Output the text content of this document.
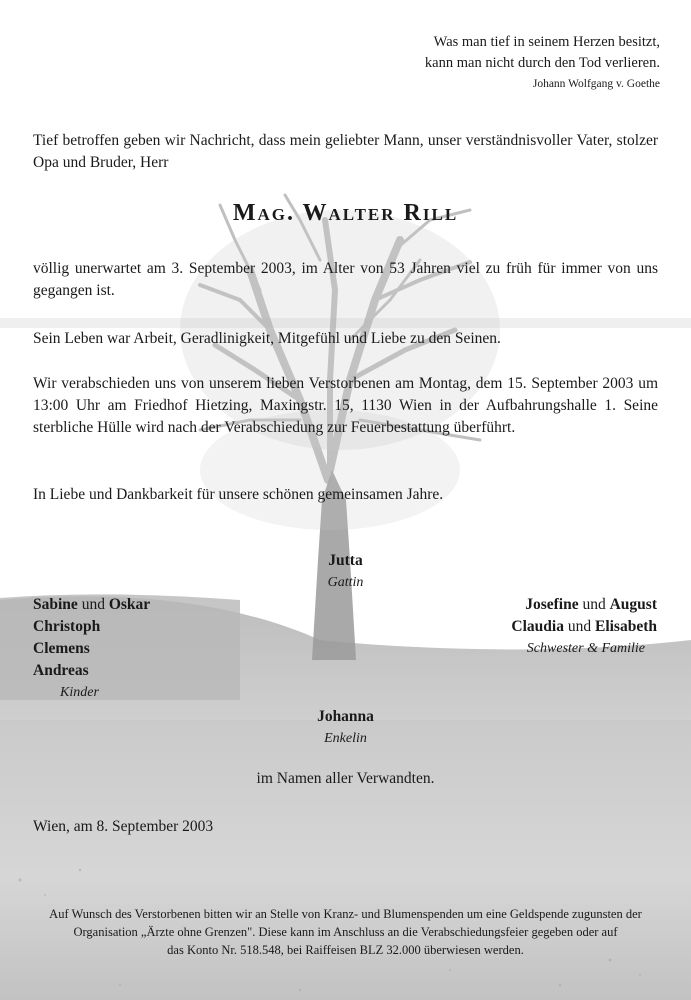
Was man tief in seinem Herzen besitzt,
kann man nicht durch den Tod verlieren.
Johann Wolfgang v. Goethe
Tief betroffen geben wir Nachricht, dass mein geliebter Mann, unser verständnisvoller Vater, stolzer Opa und Bruder, Herr
Mag. Walter Rill
völlig unerwartet am 3. September 2003, im Alter von 53 Jahren viel zu früh für immer von uns gegangen ist.
Sein Leben war Arbeit, Geradlinigkeit, Mitgefühl und Liebe zu den Seinen.
Wir verabschieden uns von unserem lieben Verstorbenen am Montag, dem 15. September 2003 um 13:00 Uhr am Friedhof Hietzing, Maxingstr. 15, 1130 Wien in der Aufbahrungshalle 1. Seine sterbliche Hülle wird nach der Verabschiedung zur Feuerbestattung überführt.
In Liebe und Dankbarkeit für unsere schönen gemeinsamen Jahre.
Jutta
Gattin
Sabine und Oskar
Christoph
Clemens
Andreas
Kinder
Josefine und August
Claudia und Elisabeth
Schwester & Familie
Johanna
Enkelin
im Namen aller Verwandten.
Wien, am 8. September 2003
Auf Wunsch des Verstorbenen bitten wir an Stelle von Kranz- und Blumenspenden um eine Geldspende zugunsten der
Organisation „Ärzte ohne Grenzen". Diese kann im Anschluss an die Verabschiedungsfeier gegeben oder auf
das Konto Nr. 518.548, bei Raiffeisen BLZ 32.000 überwiesen werden.
